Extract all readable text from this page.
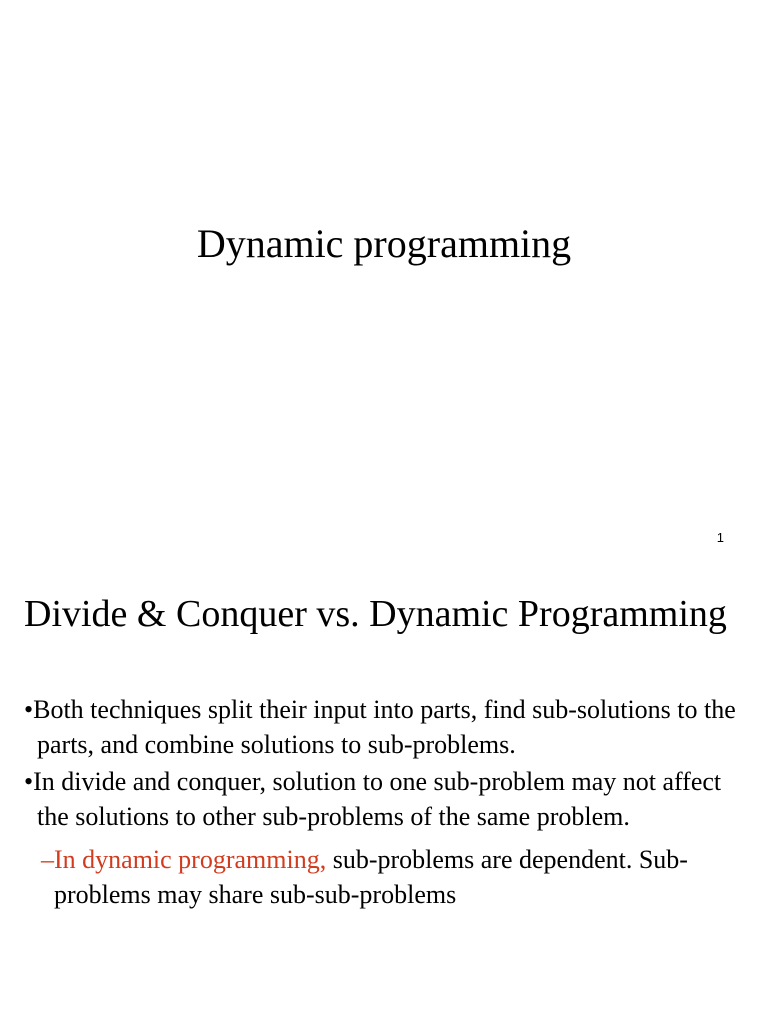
Dynamic programming
1
Divide & Conquer vs. Dynamic Programming
•Both techniques split their input into parts, find sub-solutions to the parts, and combine solutions to sub-problems.
•In divide and conquer, solution to one sub-problem may not affect the solutions to other sub-problems of the same problem.
–In dynamic programming, sub-problems are dependent. Sub-problems may share sub-sub-problems
